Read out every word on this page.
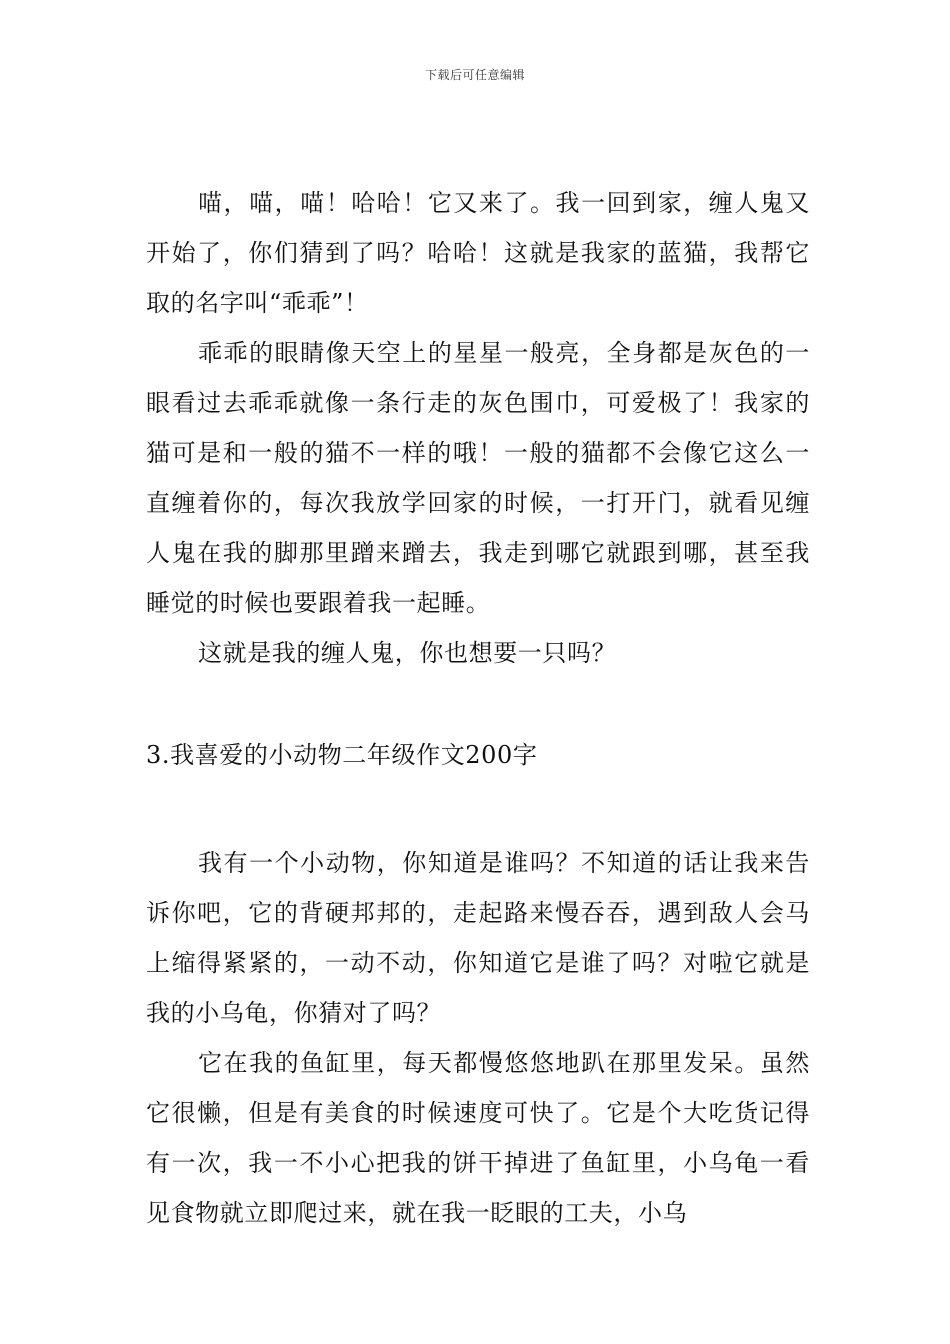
下载后可任意编辑

喵，喵，喵！哈哈！它又来了。我一回到家，缠人鬼又开始了，你们猜到了吗？哈哈！这就是我家的蓝猫，我帮它取的名字叫“乖乖”！

乖乖的眼睛像天空上的星星一般亮，全身都是灰色的一眼看过去乖乖就像一条行走的灰色围巾，可爱极了！我家的猫可是和一般的猫不一样的哦！一般的猫都不会像它这么一直缠着你的，每次我放学回家的时候，一打开门，就看见缠人鬼在我的脚那里蹭来蹭去，我走到哪它就跟到哪，甚至我睡觉的时候也要跟着我一起睡。

这就是我的缠人鬼，你也想要一只吗？

3.我喜爱的小动物二年级作文200字

我有一个小动物，你知道是谁吗？不知道的话让我来告诉你吧，它的背硬邦邦的，走起路来慢吞吞，遇到敌人会马上缩得紧紧的，一动不动，你知道它是谁了吗？对啦它就是我的小乌龟，你猜对了吗？

它在我的鱼缸里，每天都慢悠悠地趴在那里发呆。虽然它很懒，但是有美食的时候速度可快了。它是个大吃货记得有一次，我一不小心把我的饼干掉进了鱼缸里，小乌龟一看见食物就立即爬过来，就在我一眨眼的工夫，小乌
